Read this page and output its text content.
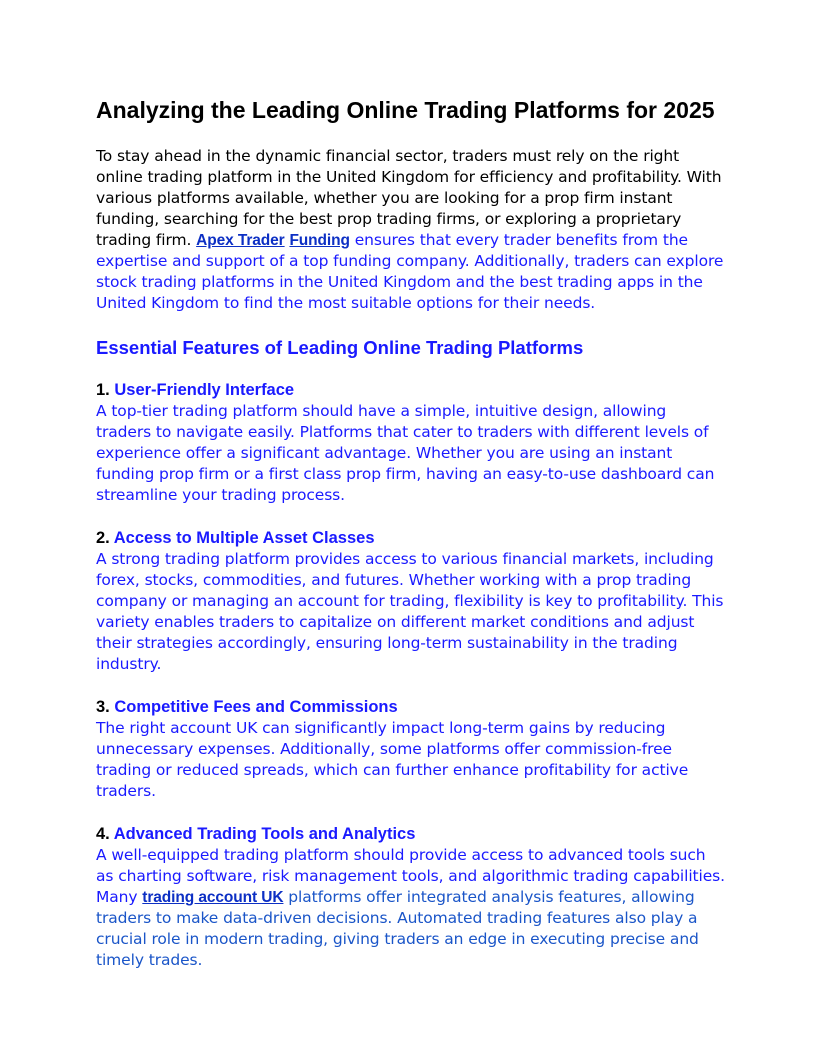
Analyzing the Leading Online Trading Platforms for 2025

To stay ahead in the dynamic financial sector, traders must rely on the right online trading platform in the United Kingdom for efficiency and profitability. With various platforms available, whether you are looking for a prop firm instant funding, searching for the best prop trading firms, or exploring a proprietary trading firm. Apex Trader Funding ensures that every trader benefits from the expertise and support of a top funding company. Additionally, traders can explore stock trading platforms in the United Kingdom and the best trading apps in the United Kingdom to find the most suitable options for their needs.

Essential Features of Leading Online Trading Platforms

1. User-Friendly Interface

A top-tier trading platform should have a simple, intuitive design, allowing traders to navigate easily. Platforms that cater to traders with different levels of experience offer a significant advantage. Whether you are using an instant funding prop firm or a first class prop firm, having an easy-to-use dashboard can streamline your trading process.

2. Access to Multiple Asset Classes

A strong trading platform provides access to various financial markets, including forex, stocks, commodities, and futures. Whether working with a prop trading company or managing an account for trading, flexibility is key to profitability. This variety enables traders to capitalize on different market conditions and adjust their strategies accordingly, ensuring long-term sustainability in the trading industry.

3. Competitive Fees and Commissions

The right account UK can significantly impact long-term gains by reducing unnecessary expenses. Additionally, some platforms offer commission-free trading or reduced spreads, which can further enhance profitability for active traders.

4. Advanced Trading Tools and Analytics

A well-equipped trading platform should provide access to advanced tools such as charting software, risk management tools, and algorithmic trading capabilities. Many trading account UK platforms offer integrated analysis features, allowing traders to make data-driven decisions. Automated trading features also play a crucial role in modern trading, giving traders an edge in executing precise and timely trades.
